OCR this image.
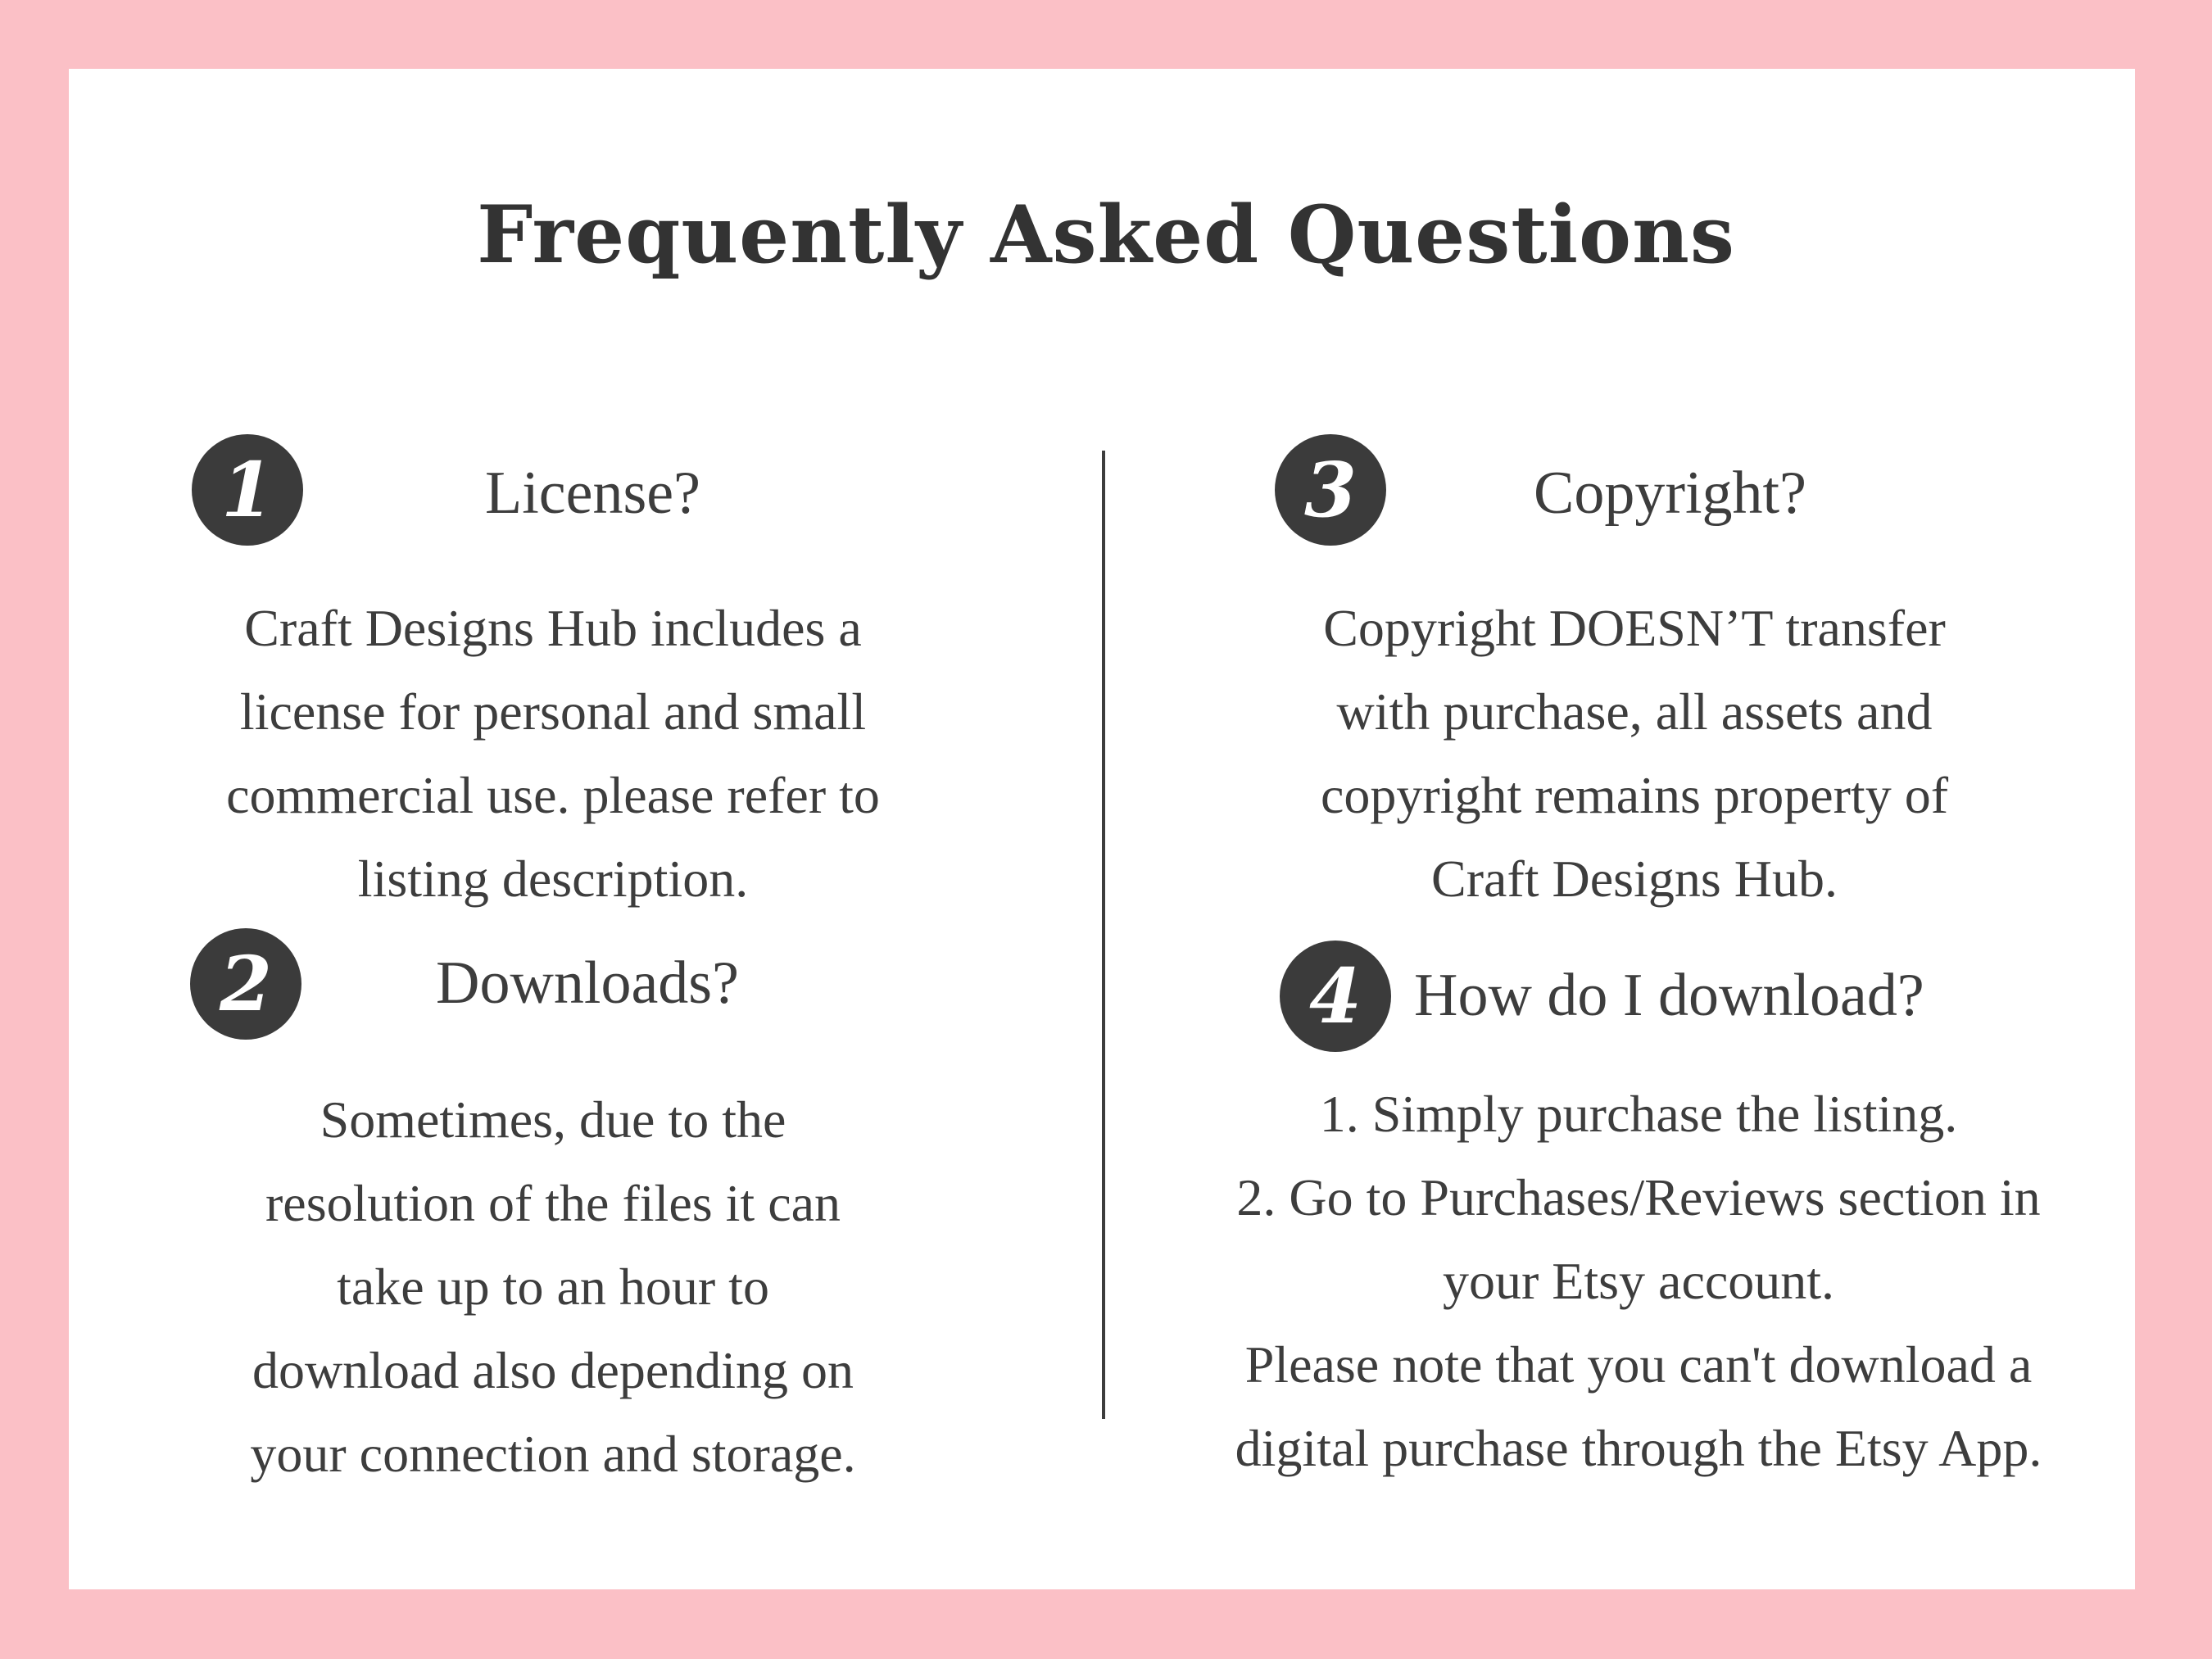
Frequently Asked Questions
1	License?
Craft Designs Hub includes a
license for personal and small
commercial use. please refer to
listing description.
2	Downloads?
Sometimes, due to the
resolution of the files it can
take up to an hour to
download also depending on
your connection and storage.
3	Copyright?
Copyright DOESN’T transfer
with purchase, all assets and
copyright remains property of
Craft Designs Hub.
4 How do I download?
1. Simply purchase the listing.
2. Go to Purchases/Reviews section in
your Etsy account.
Please note that you can't download a
digital purchase through the Etsy App.
